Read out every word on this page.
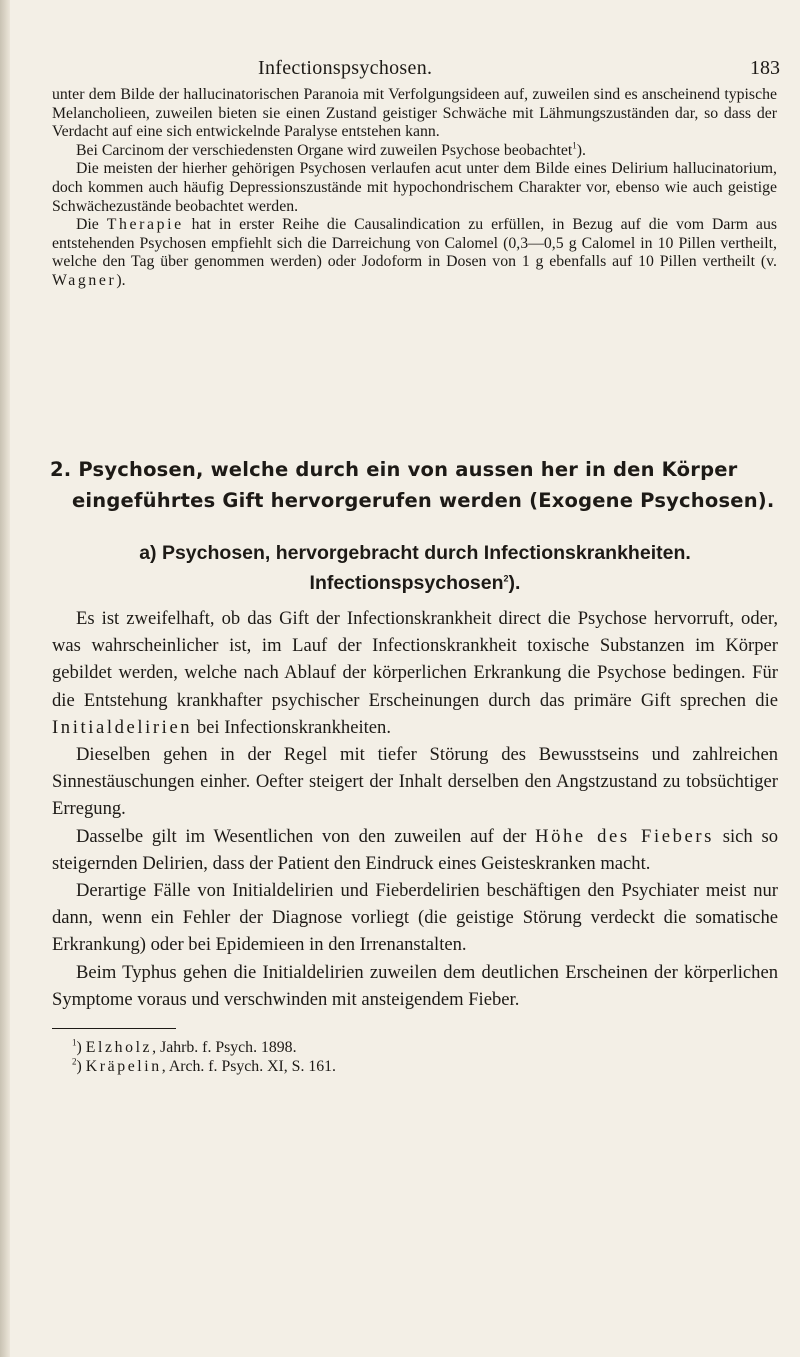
Infectionspsychosen.	183

unter dem Bilde der hallucinatorischen Paranoia mit Verfolgungsideen auf, zuweilen sind es anscheinend typische Melancholieen, zuweilen bieten sie einen Zustand geistiger Schwäche mit Lähmungszuständen dar, so dass der Verdacht auf eine sich entwickelnde Paralyse entstehen kann.

Bei Carcinom der verschiedensten Organe wird zuweilen Psychose beobachtet$^1$).

Die meisten der hierher gehörigen Psychosen verlaufen acut unter dem Bilde eines Delirium hallucinatorium, doch kommen auch häufig Depressionszustände mit hypochondrischem Charakter vor, ebenso wie auch geistige Schwächezustände beobachtet werden.

Die Therapie hat in erster Reihe die Causalindication zu erfüllen, in Bezug auf die vom Darm aus entstehenden Psychosen empfiehlt sich die Darreichung von Calomel (0,3—0,5 g Calomel in 10 Pillen vertheilt, welche den Tag über genommen werden) oder Jodoform in Dosen von 1 g ebenfalls auf 10 Pillen vertheilt (v. Wagner).

2. Psychosen, welche durch ein von aussen her in den Körper
eingeführtes Gift hervorgerufen werden (Exogene Psychosen).
a) Psychosen, hervorgebracht durch Infectionskrankheiten.
Infectionspsychosen$^2$).

Es ist zweifelhaft, ob das Gift der Infectionskrankheit direct die Psychose hervorruft, oder, was wahrscheinlicher ist, im Lauf der Infectionskrankheit toxische Substanzen im Körper gebildet werden, welche nach Ablauf der körperlichen Erkrankung die Psychose bedingen. Für die Entstehung krankhafter psychischer Erscheinungen durch das primäre Gift sprechen die Initialdelirien bei Infectionskrankheiten.

Dieselben gehen in der Regel mit tiefer Störung des Bewusstseins und zahlreichen Sinnestäuschungen einher. Oefter steigert der Inhalt derselben den Angstzustand zu tobsüchtiger Erregung.

Dasselbe gilt im Wesentlichen von den zuweilen auf der Höhe des Fiebers sich so steigernden Delirien, dass der Patient den Eindruck eines Geisteskranken macht.

Derartige Fälle von Initialdelirien und Fieberdelirien beschäftigen den Psychiater meist nur dann, wenn ein Fehler der Diagnose vorliegt (die geistige Störung verdeckt die somatische Erkrankung) oder bei Epidemieen in den Irrenanstalten.

Beim Typhus gehen die Initialdelirien zuweilen dem deutlichen Erscheinen der körperlichen Symptome voraus und verschwinden mit ansteigendem Fieber.

$^1$) Elzholz, Jahrb. f. Psych. 1898.
$^2$) Kräpelin, Arch. f. Psych. XI, S. 161.
